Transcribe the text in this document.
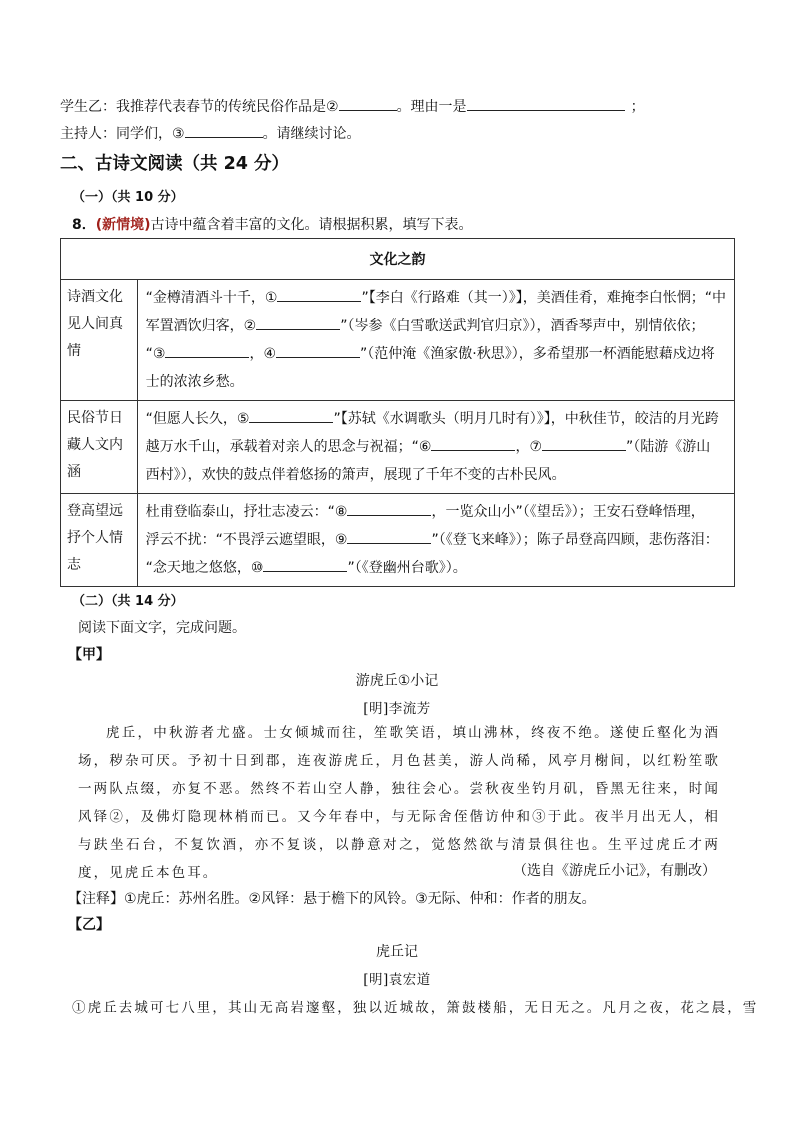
学生乙：我推荐代表春节的传统民俗作品是②	。理由一是	；
主持人：同学们，③	。请继续讨论。
二、古诗文阅读（共 24 分）
（一）（共 10 分）
8．(新情境)古诗中蕴含着丰富的文化。请根据积累，填写下表。
文化之韵	
诗酒文化见人间真情	“金樽清酒斗十千，① ”【李白《行路难（其一）》】，美酒佳肴，难掩李白怅惘；“中
军置酒饮归客，② ”（岑参《白雪歌送武判官归京》），酒香琴声中，别情依依；
“③ ，④ ”（范仲淹《渔家傲·秋思》），多希望那一杯酒能慰藉戍边将
士的浓浓乡愁。

民俗节日藏人文内涵	“但愿人长久，⑤ ”【苏轼《水调歌头（明月几时有）》】，中秋佳节，皎洁的月光跨
越万水千山，承载着对亲人的思念与祝福；“⑥ ，⑦ ”（陆游《游山
西村》），欢快的鼓点伴着悠扬的箫声，展现了千年不变的古朴民风。

登高望远抒个人情志	杜甫登临泰山，抒壮志凌云：“⑧ ，一览众山小”（《望岳》）；王安石登峰悟理，
浮云不扰：“不畏浮云遮望眼，⑨ ”（《登飞来峰》）；陈子昂登高四顾，悲伤落泪：
“念天地之悠悠，⑩ ”（《登幽州台歌》）。
（二）（共 14 分）
阅读下面文字，完成问题。
【甲】
游虎丘①小记
[明]李流芳
虎丘，中秋游者尤盛。士女倾城而往，笙歌笑语，填山沸林，终夜不绝。遂使丘壑化为酒场，秽杂可厌。予初十日到郡，连夜游虎丘，月色甚美，游人尚稀，风亭月榭间，以红粉笙歌一两队点缀，亦复不恶。然终不若山空人静，独往会心。尝秋夜坐钓月矶，昏黑无往来，时闻风铎②，及佛灯隐现林梢而已。又今年春中，与无际舍侄偕访仲和③于此。夜半月出无人，相与趺坐石台，不复饮酒，亦不复谈，以静意对之，觉悠然欲与清景俱往也。生平过虎丘才两度，见虎丘本色耳。	（选自《游虎丘小记》，有删改）
【注释】①虎丘：苏州名胜。②风铎：悬于檐下的风铃。③无际、仲和：作者的朋友。
【乙】
虎丘记
[明]袁宏道
①虎丘去城可七八里，其山无高岩邃壑，独以近城故，箫鼓楼船，无日无之。凡月之夜，花之晨，雪
